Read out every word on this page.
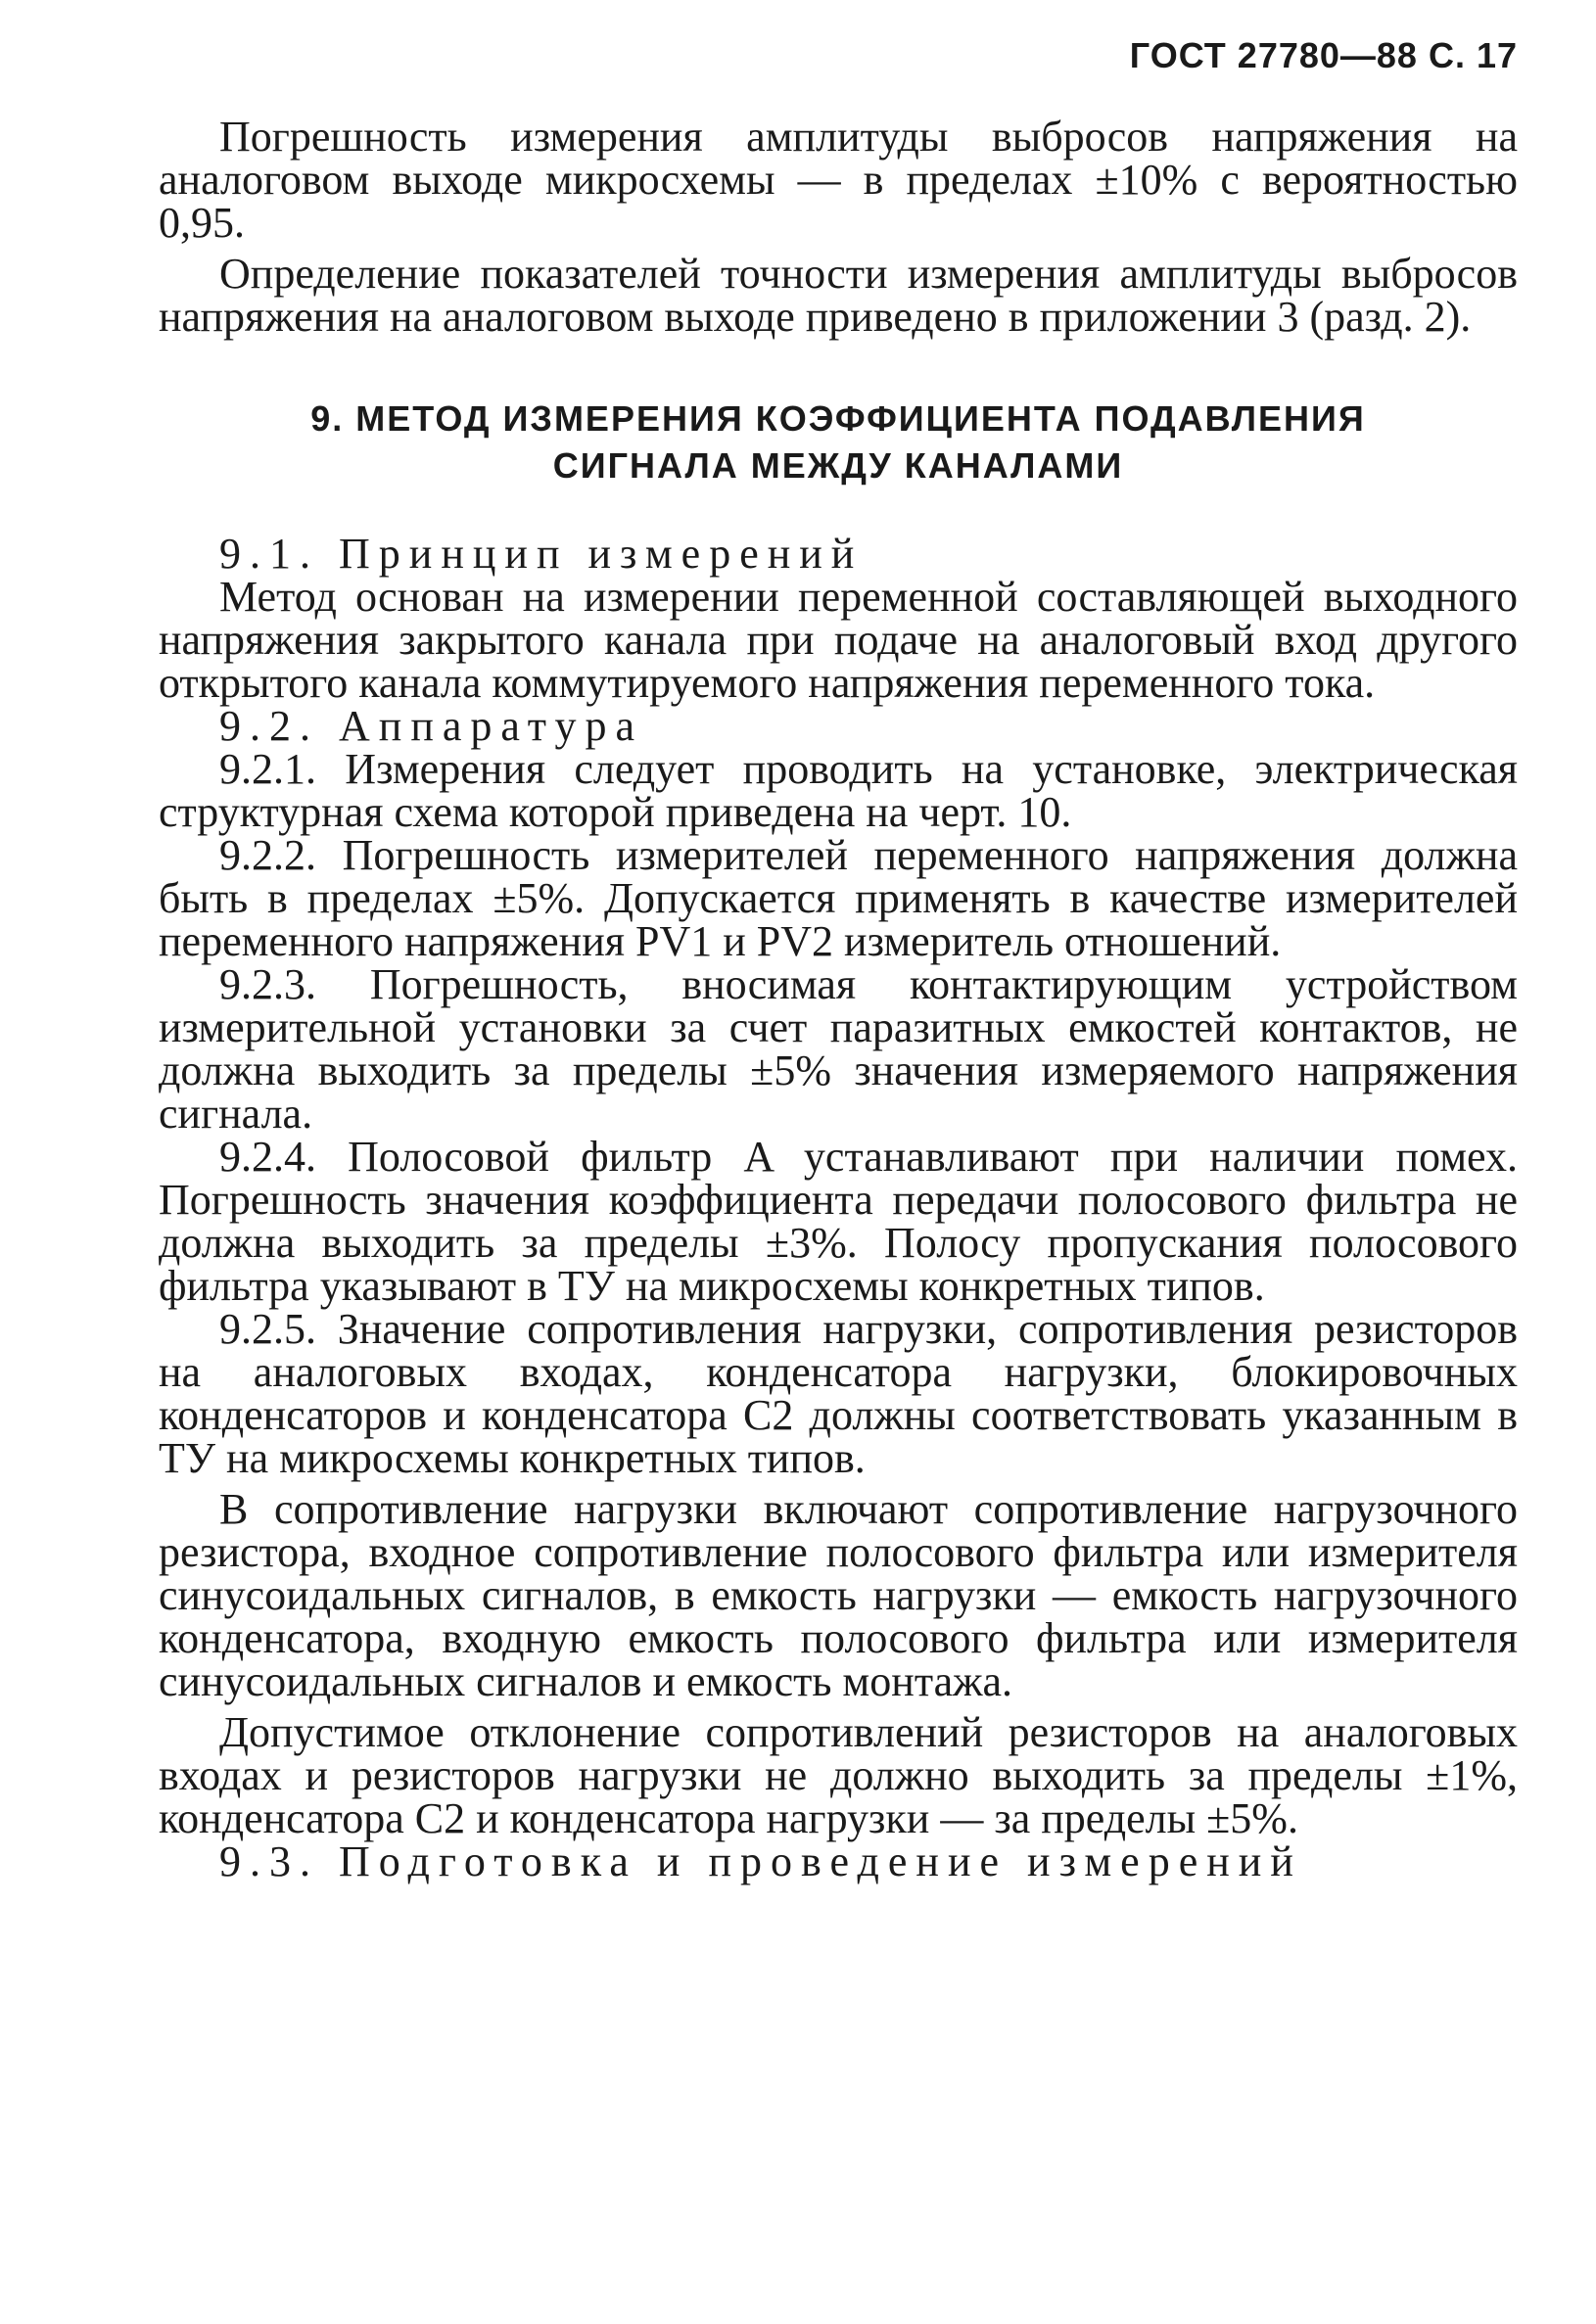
ГОСТ 27780—88 С. 17

Погрешность измерения амплитуды выбросов напряжения на аналоговом выходе микросхемы — в пределах ±10% с вероятностью 0,95.

Определение показателей точности измерения амплитуды выбросов напряжения на аналоговом выходе приведено в приложении 3 (разд. 2).

9. МЕТОД ИЗМЕРЕНИЯ КОЭФФИЦИЕНТА ПОДАВЛЕНИЯ
СИГНАЛА МЕЖДУ КАНАЛАМИ

9.1. Принцип измерений

Метод основан на измерении переменной составляющей выходного напряжения закрытого канала при подаче на аналоговый вход другого открытого канала коммутируемого напряжения переменного тока.

9.2. Аппаратура

9.2.1. Измерения следует проводить на установке, электрическая структурная схема которой приведена на черт. 10.

9.2.2. Погрешность измерителей переменного напряжения должна быть в пределах ±5%. Допускается применять в качестве измерителей переменного напряжения PV1 и PV2 измеритель отношений.

9.2.3. Погрешность, вносимая контактирующим устройством измерительной установки за счет паразитных емкостей контактов, не должна выходить за пределы ±5% значения измеряемого напряжения сигнала.

9.2.4. Полосовой фильтр A устанавливают при наличии помех. Погрешность значения коэффициента передачи полосового фильтра не должна выходить за пределы ±3%. Полосу пропускания полосового фильтра указывают в ТУ на микросхемы конкретных типов.

9.2.5. Значение сопротивления нагрузки, сопротивления резисторов на аналоговых входах, конденсатора нагрузки, блокировочных конденсаторов и конденсатора C2 должны соответствовать указанным в ТУ на микросхемы конкретных типов.

В сопротивление нагрузки включают сопротивление нагрузочного резистора, входное сопротивление полосового фильтра или измерителя синусоидальных сигналов, в емкость нагрузки — емкость нагрузочного конденсатора, входную емкость полосового фильтра или измерителя синусоидальных сигналов и емкость монтажа.

Допустимое отклонение сопротивлений резисторов на аналоговых входах и резисторов нагрузки не должно выходить за пределы ±1%, конденсатора C2 и конденсатора нагрузки — за пределы ±5%.

9.3. Подготовка и проведение измерений
